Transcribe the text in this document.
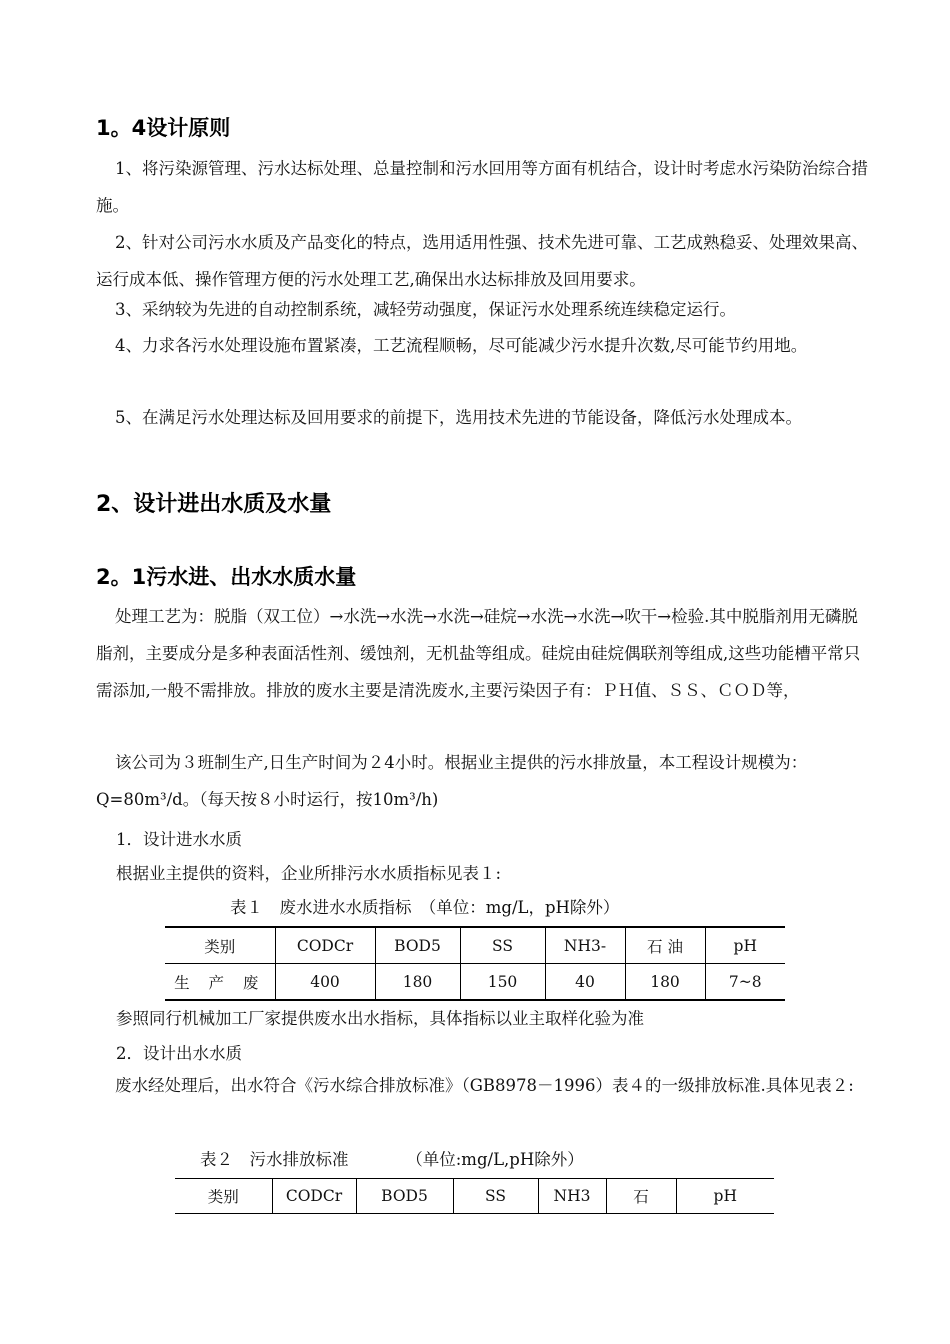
1。4设计原则

1、将污染源管理、污水达标处理、总量控制和污水回用等方面有机结合，设计时考虑水污染防治综合措施。

2、针对公司污水水质及产品变化的特点，选用适用性强、技术先进可靠、工艺成熟稳妥、处理效果高、运行成本低、操作管理方便的污水处理工艺,确保出水达标排放及回用要求。

3、采纳较为先进的自动控制系统，减轻劳动强度，保证污水处理系统连续稳定运行。

4、力求各污水处理设施布置紧凑，工艺流程顺畅，尽可能减少污水提升次数,尽可能节约用地。

5、在满足污水处理达标及回用要求的前提下，选用技术先进的节能设备，降低污水处理成本。

2、设计进出水质及水量
2。1污水进、出水水质水量

处理工艺为：脱脂（双工位）→水洗→水洗→水洗→硅烷→水洗→水洗→吹干→检验.其中脱脂剂用无磷脱脂剂，主要成分是多种表面活性剂、缓蚀剂，无机盐等组成。硅烷由硅烷偶联剂等组成,这些功能槽平常只需添加,一般不需排放。排放的废水主要是清洗废水,主要污染因子有：ＰＨ值、ＳＳ、ＣＯＤ等，

该公司为３班制生产,日生产时间为２4小时。根据业主提供的污水排放量，本工程设计规模为：Q=80m³/d。（每天按８小时运行，按10m³/h)

1．设计进水水质
根据业主提供的资料，企业所排污水水质指标见表１:
表１　废水进水水质指标　（单位：mg/L，pH除外）
类别	CODCr	BOD5	SS	NH3-	石 油	pH
生 产 废	400	180	150	40	180	7~8
参照同行机械加工厂家提供废水出水指标，具体指标以业主取样化验为准
2．设计出水水质

废水经处理后，出水符合《污水综合排放标准》（GB8978－1996）表４的一级排放标准.具体见表２:

表２　污水排放标准　　　　（单位:mg/L,pH除外）
类别	CODCr	BOD5	SS	NH3	石	pH
